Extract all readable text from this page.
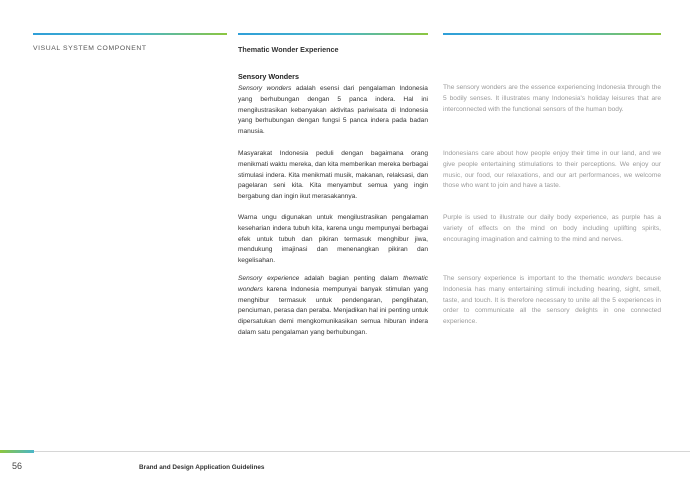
VISUAL SYSTEM COMPONENT	Thematic Wonder Experience
Sensory Wonders

Sensory wonders adalah esensi dari pengalaman Indonesia yang berhubungan dengan 5 panca indera. Hal ini mengilustrasikan kebanyakan aktivitas pariwisata di Indonesia yang berhubungan dengan fungsi 5 panca indera pada badan manusia.

Masyarakat Indonesia peduli dengan bagaimana orang menikmati waktu mereka, dan kita memberikan mereka berbagai stimulasi indera. Kita menikmati musik, makanan, relaksasi, dan pagelaran seni kita. Kita menyambut semua yang ingin bergabung dan ingin ikut merasakannya.

Warna ungu digunakan untuk mengilustrasikan pengalaman keseharian indera tubuh kita, karena ungu mempunyai berbagai efek untuk tubuh dan pikiran termasuk menghibur jiwa, mendukung imajinasi dan menenangkan pikiran dan kegelisahan.

Sensory experience adalah bagian penting dalam thematic wonders karena Indonesia mempunyai banyak stimulan yang menghibur termasuk untuk pendengaran, penglihatan, penciuman, perasa dan peraba. Menjadikan hal ini penting untuk dipersatukan demi mengkomunikasikan semua hiburan indera dalam satu pengalaman yang berhubungan.

The sensory wonders are the essence experiencing Indonesia through the 5 bodily senses. It illustrates many Indonesia's holiday leisures that are interconnected with the functional sensors of the human body.

Indonesians care about how people enjoy their time in our land, and we give people entertaining stimulations to their perceptions. We enjoy our music, our food, our relaxations, and our art performances, we welcome those who want to join and have a taste.

Purple is used to illustrate our daily body experience, as purple has a variety of effects on the mind on body including uplifting spirits, encouraging imagination and calming to the mind and nerves.

The sensory experience is important to the thematic wonders because Indonesia has many entertaining stimuli including hearing, sight, smell, taste, and touch. It is therefore necessary to unite all the 5 experiences in order to communicate all the sensory delights in one connected experience.

56	Brand and Design Application Guidelines
